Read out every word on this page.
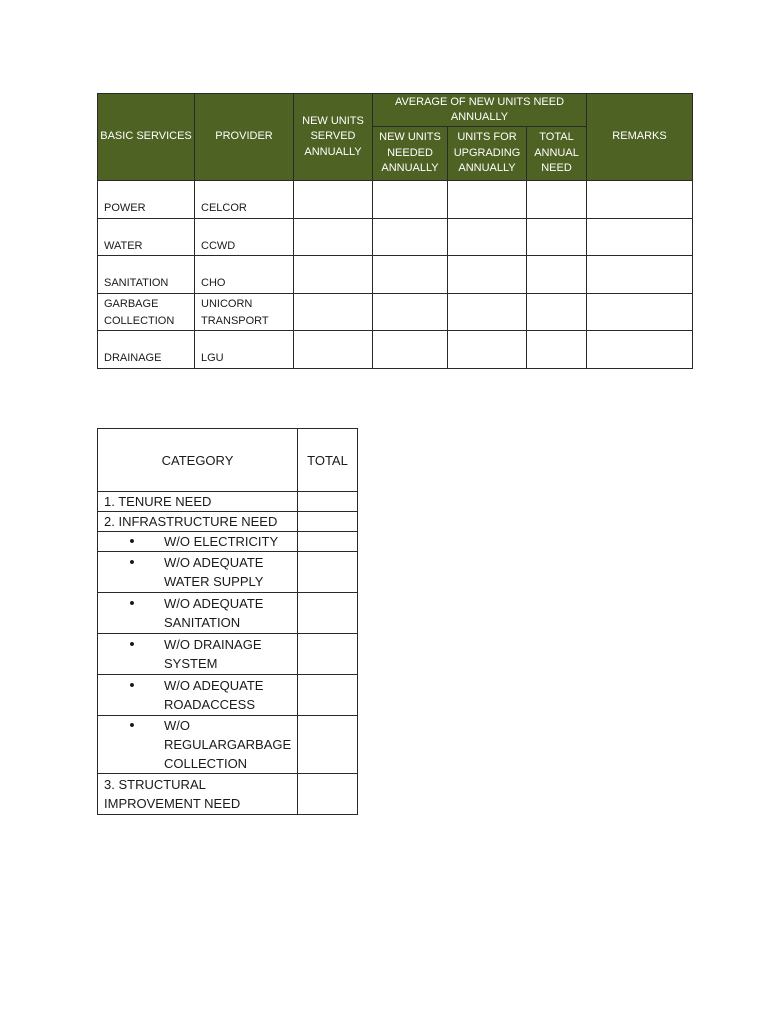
BASIC SERVICES	PROVIDER	NEW UNITS SERVED ANNUALLY	AVERAGE OF NEW UNITS NEED ANNUALLY			REMARKS
			NEW UNITS NEEDED ANNUALLY	UNITS FOR UPGRADING ANNUALLY	TOTAL ANNUAL NEED	
POWER	CELCOR					
WATER	CCWD					
SANITATION	CHO					
GARBAGE COLLECTION	UNICORN TRANSPORT					
DRAINAGE	LGU					
CATEGORY	TOTAL
1. TENURE NEED	
2. INFRASTRUCTURE NEED	

• W/O ELECTRICITY	

• W/O ADEQUATE WATER SUPPLY	

• W/O ADEQUATE SANITATION	

• W/O DRAINAGE SYSTEM	

• W/O ADEQUATE ROADACCESS	

• W/O REGULARGARBAGE COLLECTION	

3. STRUCTURAL IMPROVEMENT NEED	
